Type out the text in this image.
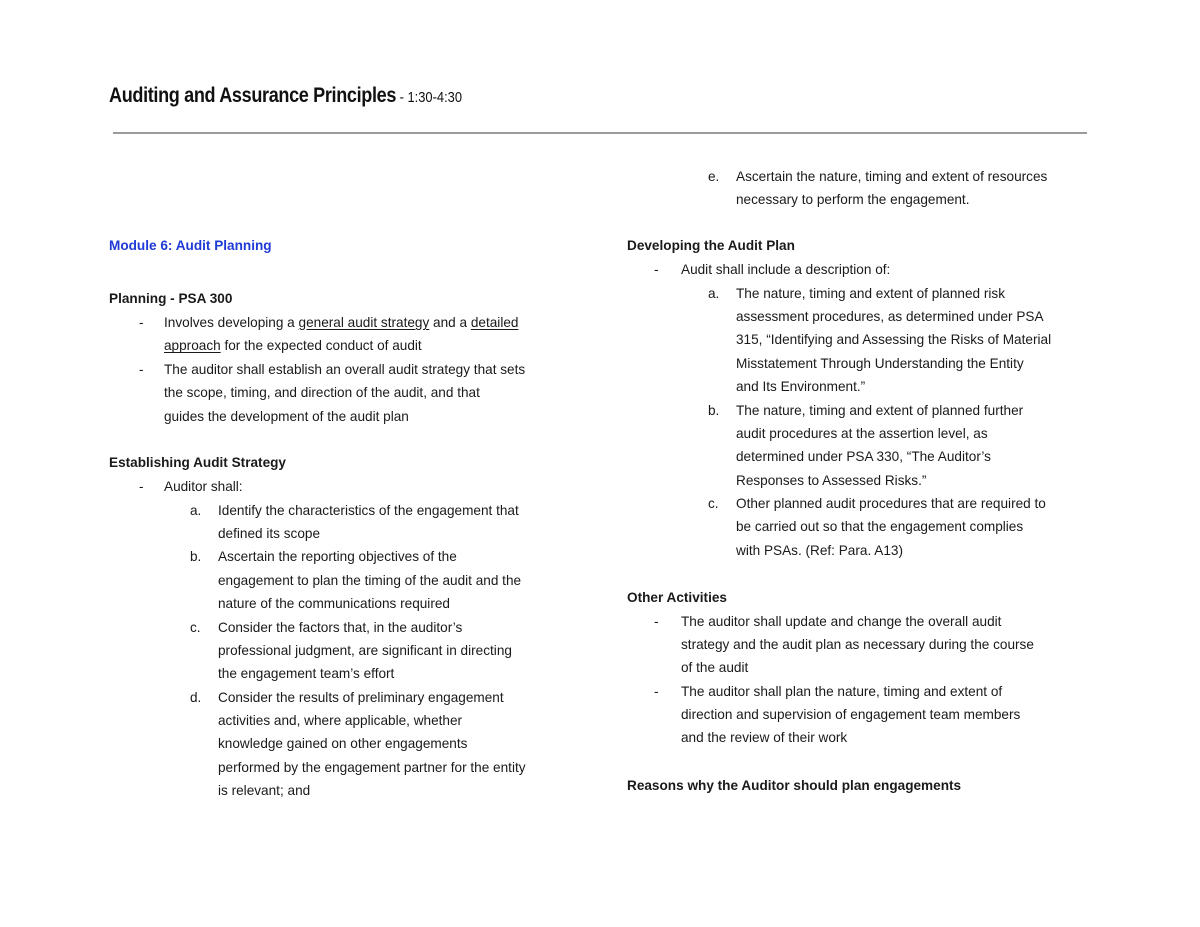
Auditing and Assurance Principles - 1:30-4:30
Module 6: Audit Planning
Planning - PSA 300
- Involves developing a general audit strategy and a detailed
approach for the expected conduct of audit
- The auditor shall establish an overall audit strategy that sets
the scope, timing, and direction of the audit, and that
guides the development of the audit plan
Establishing Audit Strategy
- Auditor shall:
a. Identify the characteristics of the engagement that
defined its scope
b. Ascertain the reporting objectives of the
engagement to plan the timing of the audit and the
nature of the communications required
c. Consider the factors that, in the auditor’s
professional judgment, are significant in directing
the engagement team’s effort
d. Consider the results of preliminary engagement
activities and, where applicable, whether
knowledge gained on other engagements
performed by the engagement partner for the entity
is relevant; and
e. Ascertain the nature, timing and extent of resources
necessary to perform the engagement.
Developing the Audit Plan
- Audit shall include a description of:
a. The nature, timing and extent of planned risk
assessment procedures, as determined under PSA
315, “Identifying and Assessing the Risks of Material
Misstatement Through Understanding the Entity
and Its Environment.”
b. The nature, timing and extent of planned further
audit procedures at the assertion level, as
determined under PSA 330, “The Auditor’s
Responses to Assessed Risks.”
c. Other planned audit procedures that are required to
be carried out so that the engagement complies
with PSAs. (Ref: Para. A13)
Other Activities
- The auditor shall update and change the overall audit
strategy and the audit plan as necessary during the course
of the audit
- The auditor shall plan the nature, timing and extent of
direction and supervision of engagement team members
and the review of their work
Reasons why the Auditor should plan engagements
